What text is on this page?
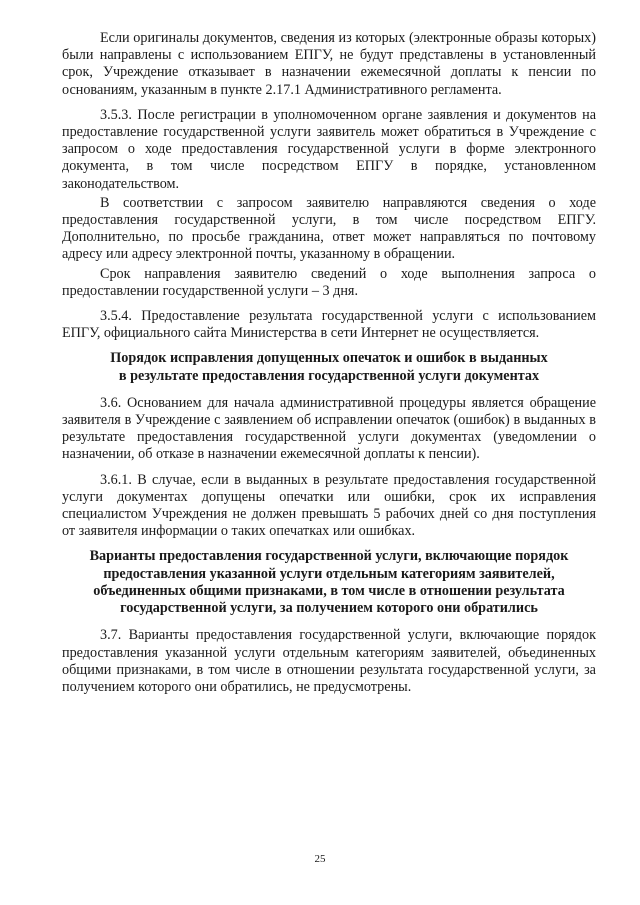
Если оригиналы документов, сведения из которых (электронные образы которых) были направлены с использованием ЕПГУ, не будут представлены в установленный срок, Учреждение отказывает в назначении ежемесячной доплаты к пенсии по основаниям, указанным в пункте 2.17.1 Административного регламента.

3.5.3. После регистрации в уполномоченном органе заявления и документов на предоставление государственной услуги заявитель может обратиться в Учреждение с запросом о ходе предоставления государственной услуги в форме электронного документа, в том числе посредством ЕПГУ в порядке, установленном законодательством.

В соответствии с запросом заявителю направляются сведения о ходе предоставления государственной услуги, в том числе посредством ЕПГУ. Дополнительно, по просьбе гражданина, ответ может направляться по почтовому адресу или адресу электронной почты, указанному в обращении.

Срок направления заявителю сведений о ходе выполнения запроса о предоставлении государственной услуги – 3 дня.

3.5.4. Предоставление результата государственной услуги с использованием ЕПГУ, официального сайта Министерства в сети Интернет не осуществляется.

Порядок исправления допущенных опечаток и ошибок в выданных
в результате предоставления государственной услуги документах

3.6. Основанием для начала административной процедуры является обращение заявителя в Учреждение с заявлением об исправлении опечаток (ошибок) в выданных в результате предоставления государственной услуги документах (уведомлении о назначении, об отказе в назначении ежемесячной доплаты к пенсии).

3.6.1. В случае, если в выданных в результате предоставления государственной услуги документах допущены опечатки или ошибки, срок их исправления специалистом Учреждения не должен превышать 5 рабочих дней со дня поступления от заявителя информации о таких опечатках или ошибках.

Варианты предоставления государственной услуги, включающие порядок
предоставления указанной услуги отдельным категориям заявителей,
объединенных общими признаками, в том числе в отношении результата
государственной услуги, за получением которого они обратились

3.7. Варианты предоставления государственной услуги, включающие порядок предоставления указанной услуги отдельным категориям заявителей, объединенных общими признаками, в том числе в отношении результата государственной услуги, за получением которого они обратились, не предусмотрены.

25
